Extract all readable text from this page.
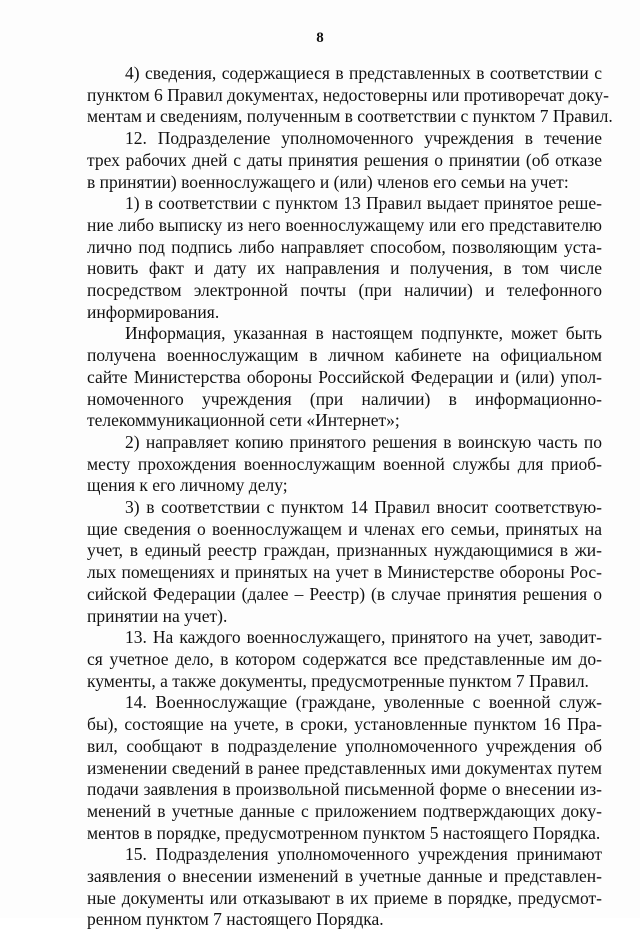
8

4) сведения, содержащиеся в представленных в соответствии с
пунктом 6 Правил документах, недостоверны или противоречат доку-
ментам и сведениям, полученным в соответствии с пунктом 7 Правил.

12. Подразделение уполномоченного учреждения в течение
трех рабочих дней с даты принятия решения о принятии (об отказе
в принятии) военнослужащего и (или) членов его семьи на учет:

1) в соответствии с пунктом 13 Правил выдает принятое реше-
ние либо выписку из него военнослужащему или его представителю
лично под подпись либо направляет способом, позволяющим уста-
новить факт и дату их направления и получения, в том числе
посредством электронной почты (при наличии) и телефонного
информирования.

Информация, указанная в настоящем подпункте, может быть
получена военнослужащим в личном кабинете на официальном
сайте Министерства обороны Российской Федерации и (или) упол-
номоченного учреждения (при наличии) в информационно-
телекоммуникационной сети «Интернет»;

2) направляет копию принятого решения в воинскую часть по
месту прохождения военнослужащим военной службы для приоб-
щения к его личному делу;

3) в соответствии с пунктом 14 Правил вносит соответствую-
щие сведения о военнослужащем и членах его семьи, принятых на
учет, в единый реестр граждан, признанных нуждающимися в жи-
лых помещениях и принятых на учет в Министерстве обороны Рос-
сийской Федерации (далее – Реестр) (в случае принятия решения о
принятии на учет).

13. На каждого военнослужащего, принятого на учет, заводит-
ся учетное дело, в котором содержатся все представленные им до-
кументы, а также документы, предусмотренные пунктом 7 Правил.

14. Военнослужащие (граждане, уволенные с военной служ-
бы), состоящие на учете, в сроки, установленные пунктом 16 Пра-
вил, сообщают в подразделение уполномоченного учреждения об
изменении сведений в ранее представленных ими документах путем
подачи заявления в произвольной письменной форме о внесении из-
менений в учетные данные с приложением подтверждающих доку-
ментов в порядке, предусмотренном пунктом 5 настоящего Порядка.

15. Подразделения уполномоченного учреждения принимают
заявления о внесении изменений в учетные данные и представлен-
ные документы или отказывают в их приеме в порядке, предусмот-
ренном пунктом 7 настоящего Порядка.
